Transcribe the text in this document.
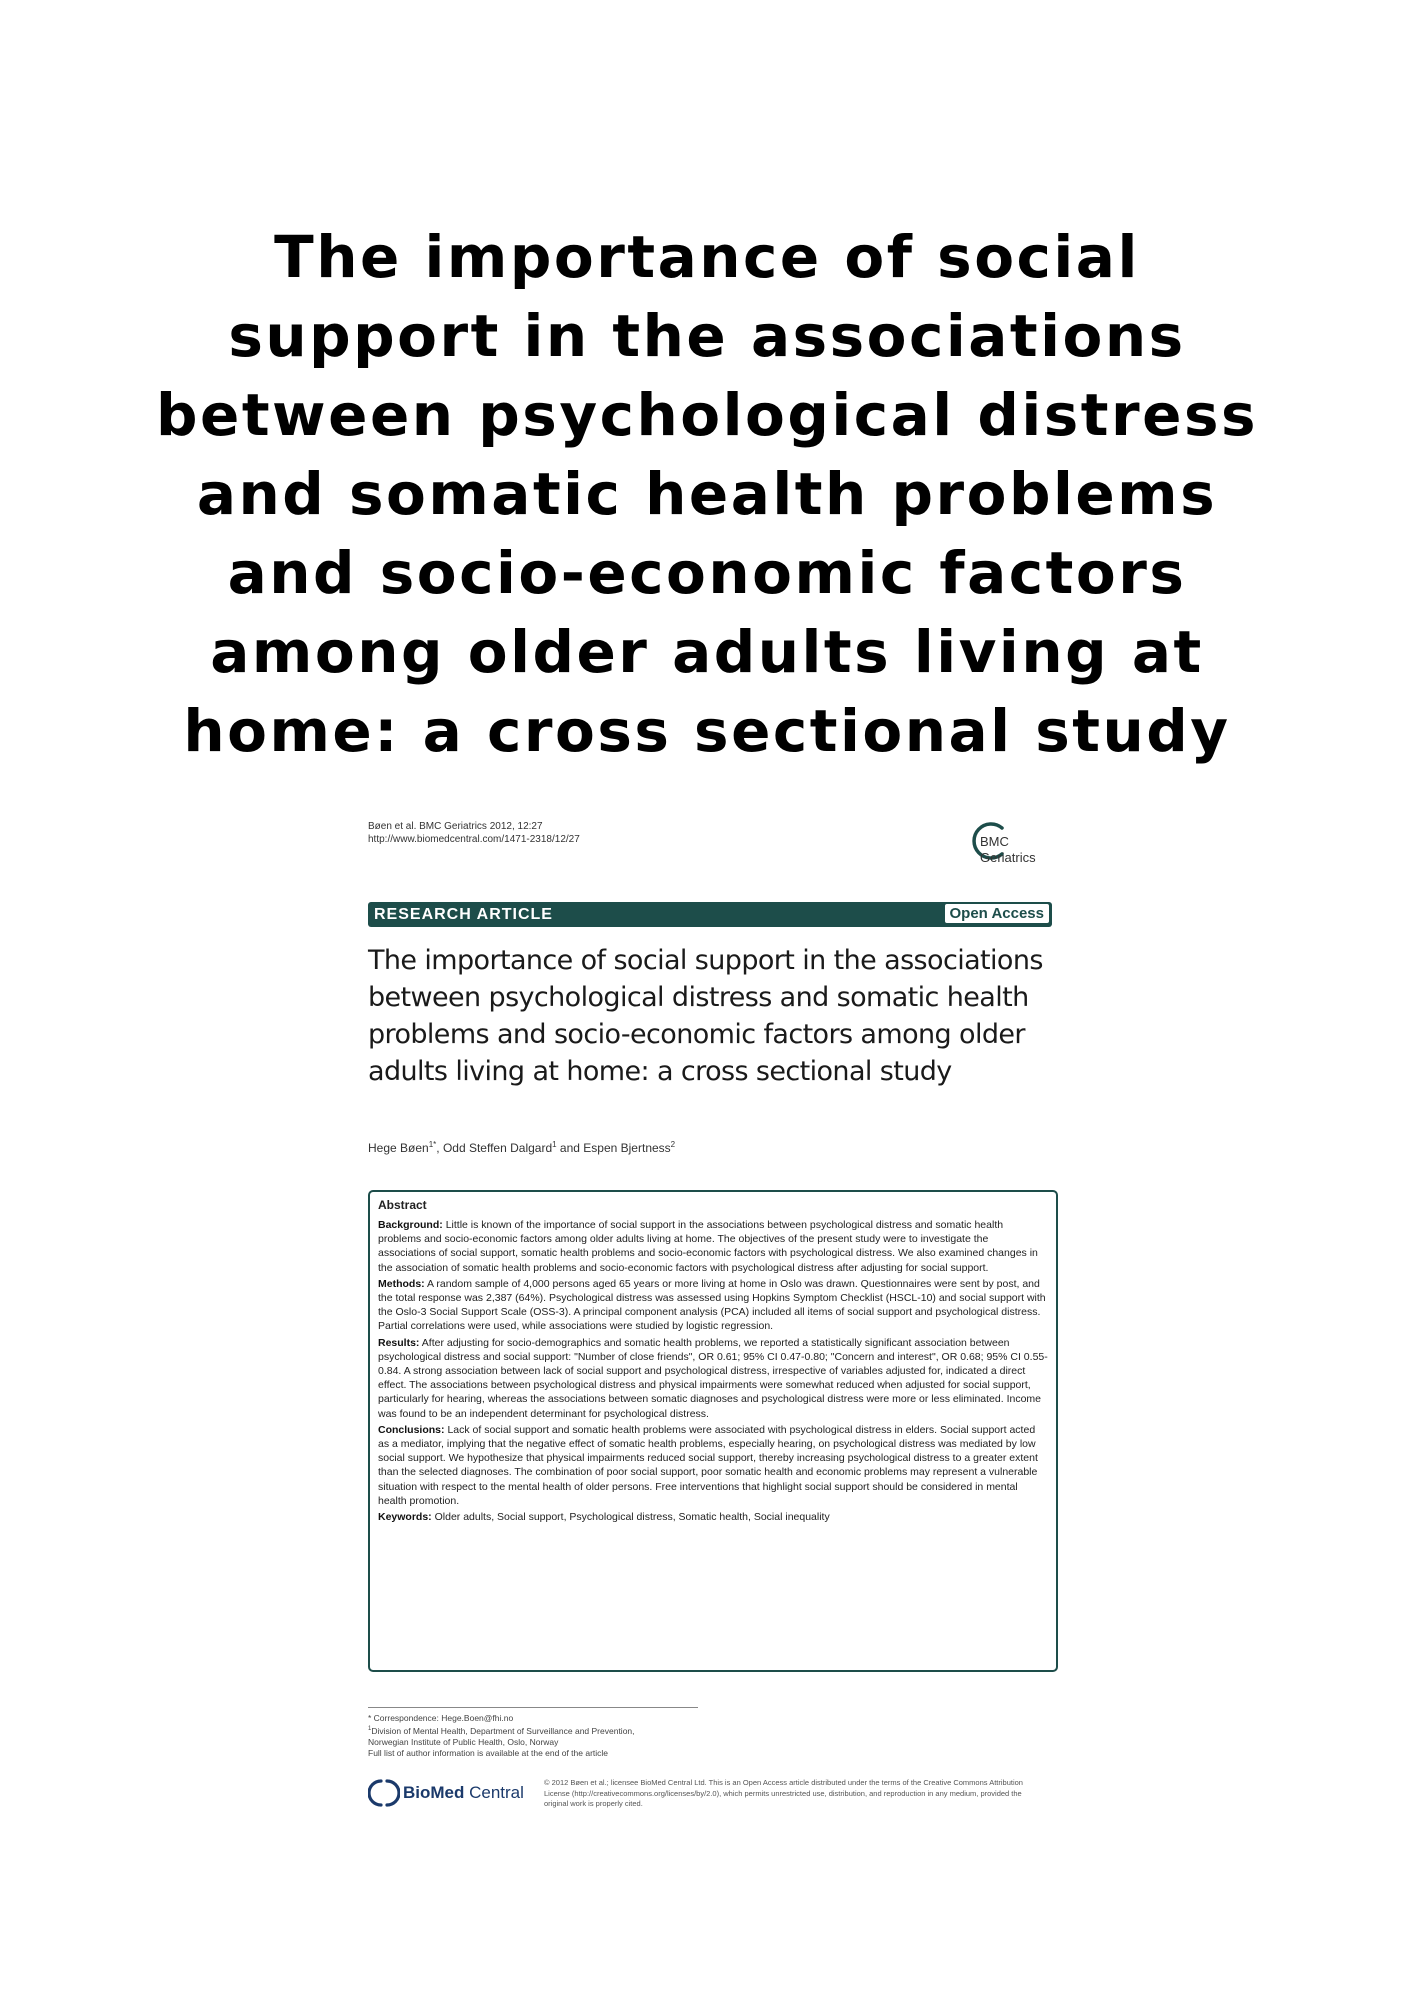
The importance of social support in the associations between psychological distress and somatic health problems and socio-economic factors among older adults living at home: a cross sectional study
Bøen et al. BMC Geriatrics 2012, 12:27
http://www.biomedcentral.com/1471-2318/12/27	BMC
Geriatrics
RESEARCH ARTICLE	Open Access
The importance of social support in the associations between psychological distress and somatic health problems and socio-economic factors among older adults living at home: a cross sectional study
Hege Bøen$^{1*}$, Odd Steffen Dalgard$^1$ and Espen Bjertness$^2$
Abstract

Background: Little is known of the importance of social support in the associations between psychological distress and somatic health problems and socio-economic factors among older adults living at home. The objectives of the present study were to investigate the associations of social support, somatic health problems and socio-economic factors with psychological distress. We also examined changes in the association of somatic health problems and socio-economic factors with psychological distress after adjusting for social support.

Methods: A random sample of 4,000 persons aged 65 years or more living at home in Oslo was drawn. Questionnaires were sent by post, and the total response was 2,387 (64%). Psychological distress was assessed using Hopkins Symptom Checklist (HSCL-10) and social support with the Oslo-3 Social Support Scale (OSS-3). A principal component analysis (PCA) included all items of social support and psychological distress. Partial correlations were used, while associations were studied by logistic regression.

Results: After adjusting for socio-demographics and somatic health problems, we reported a statistically significant association between psychological distress and social support: "Number of close friends", OR 0.61; 95% CI 0.47-0.80; "Concern and interest", OR 0.68; 95% CI 0.55-0.84. A strong association between lack of social support and psychological distress, irrespective of variables adjusted for, indicated a direct effect. The associations between psychological distress and physical impairments were somewhat reduced when adjusted for social support, particularly for hearing, whereas the associations between somatic diagnoses and psychological distress were more or less eliminated. Income was found to be an independent determinant for psychological distress.

Conclusions: Lack of social support and somatic health problems were associated with psychological distress in elders. Social support acted as a mediator, implying that the negative effect of somatic health problems, especially hearing, on psychological distress was mediated by low social support. We hypothesize that physical impairments reduced social support, thereby increasing psychological distress to a greater extent than the selected diagnoses. The combination of poor social support, poor somatic health and economic problems may represent a vulnerable situation with respect to the mental health of older persons. Free interventions that highlight social support should be considered in mental health promotion.

Keywords: Older adults, Social support, Psychological distress, Somatic health, Social inequality

* Correspondence: Hege.Boen@fhi.no
$^1$Division of Mental Health, Department of Surveillance and Prevention,
Norwegian Institute of Public Health, Oslo, Norway
Full list of author information is available at the end of the article
BioMed Central
© 2012 Bøen et al.; licensee BioMed Central Ltd. This is an Open Access article distributed under the terms of the Creative Commons Attribution License (http://creativecommons.org/licenses/by/2.0), which permits unrestricted use, distribution, and reproduction in any medium, provided the original work is properly cited.
